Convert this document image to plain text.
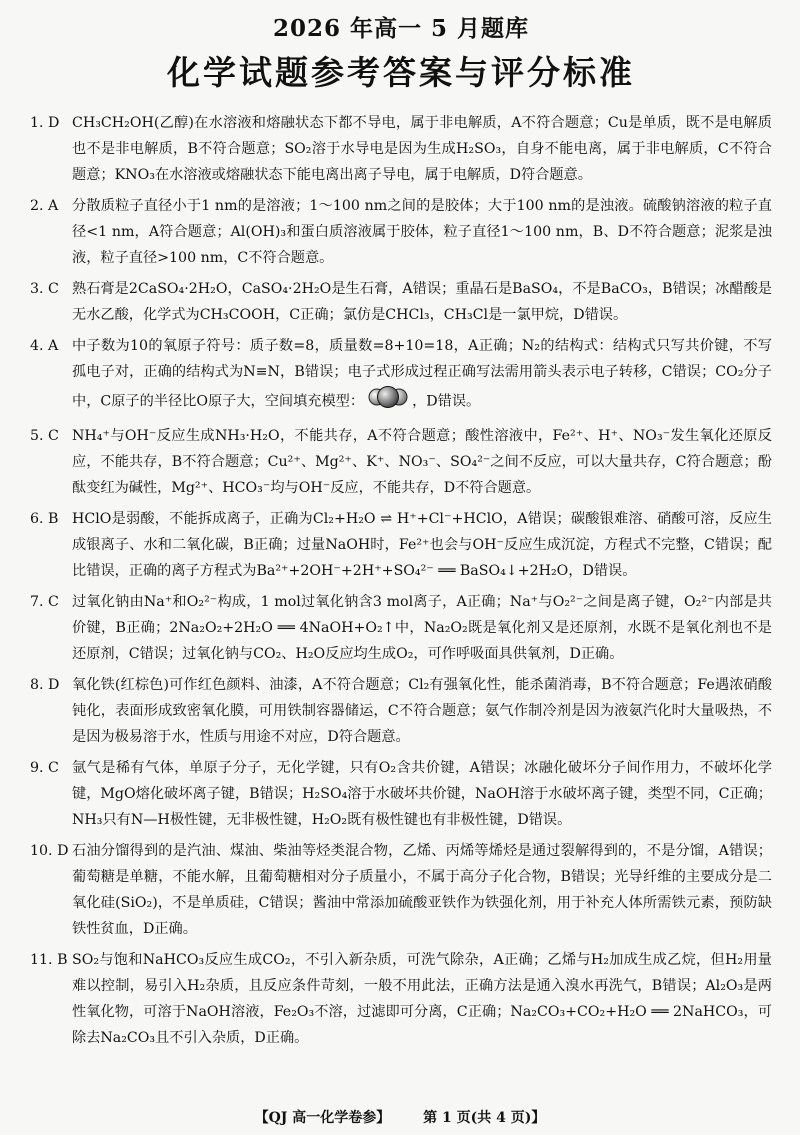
2026 年高一 5 月题库
化学试题参考答案与评分标准
1. D CH₃CH₂OH(乙醇)在水溶液和熔融状态下都不导电，属于非电解质，A不符合题意；Cu是单质，既不是电解质也不是非电解质，B不符合题意；SO₂溶于水导电是因为生成H₂SO₃，自身不能电离，属于非电解质，C不符合题意；KNO₃在水溶液或熔融状态下能电离出离子导电，属于电解质，D符合题意。
2. A 分散质粒子直径小于1 nm的是溶液；1～100 nm之间的是胶体；大于100 nm的是浊液。硫酸钠溶液的粒子直径<1 nm，A符合题意；Al(OH)₃和蛋白质溶液属于胶体，粒子直径1～100 nm，B、D不符合题意；泥浆是浊液，粒子直径>100 nm，C不符合题意。
3. C 熟石膏是2CaSO₄·2H₂O，CaSO₄·2H₂O是生石膏，A错误；重晶石是BaSO₄，不是BaCO₃，B错误；冰醋酸是无水乙酸，化学式为CH₃COOH，C正确；氯仿是CHCl₃，CH₃Cl是一氯甲烷，D错误。
4. A 中子数为10的氧原子符号：质子数=8，质量数=8+10=18，A正确；N₂的结构式：结构式只写共价键，不写孤电子对，正确的结构式为N≡N，B错误；电子式形成过程正确写法需用箭头表示电子转移，C错误；CO₂分子中，C原子的半径比O原子大，空间填充模型：	，D错误。
5. C NH₄⁺与OH⁻反应生成NH₃·H₂O，不能共存，A不符合题意；酸性溶液中，Fe²⁺、H⁺、NO₃⁻发生氧化还原反应，不能共存，B不符合题意；Cu²⁺、Mg²⁺、K⁺、NO₃⁻、SO₄²⁻之间不反应，可以大量共存，C符合题意；酚酞变红为碱性，Mg²⁺、HCO₃⁻均与OH⁻反应，不能共存，D不符合题意。
6. B HClO是弱酸，不能拆成离子，正确为Cl₂+H₂O ⇌ H⁺+Cl⁻+HClO，A错误；碳酸银难溶、硝酸可溶，反应生成银离子、水和二氧化碳，B正确；过量NaOH时，Fe²⁺也会与OH⁻反应生成沉淀，方程式不完整，C错误；配比错误，正确的离子方程式为Ba²⁺+2OH⁻+2H⁺+SO₄²⁻ ══ BaSO₄↓+2H₂O，D错误。
7. C 过氧化钠由Na⁺和O₂²⁻构成，1 mol过氧化钠含3 mol离子，A正确；Na⁺与O₂²⁻之间是离子键，O₂²⁻内部是共价键，B正确；2Na₂O₂+2H₂O ══ 4NaOH+O₂↑中，Na₂O₂既是氧化剂又是还原剂，水既不是氧化剂也不是还原剂，C错误；过氧化钠与CO₂、H₂O反应均生成O₂，可作呼吸面具供氧剂，D正确。
8. D 氧化铁(红棕色)可作红色颜料、油漆，A不符合题意；Cl₂有强氧化性，能杀菌消毒，B不符合题意；Fe遇浓硝酸钝化，表面形成致密氧化膜，可用铁制容器储运，C不符合题意；氨气作制冷剂是因为液氨汽化时大量吸热，不是因为极易溶于水，性质与用途不对应，D符合题意。
9. C 氩气是稀有气体，单原子分子，无化学键，只有O₂含共价键，A错误；冰融化破坏分子间作用力，不破坏化学键，MgO熔化破坏离子键，B错误；H₂SO₄溶于水破坏共价键，NaOH溶于水破坏离子键，类型不同，C正确；NH₃只有N—H极性键，无非极性键，H₂O₂既有极性键也有非极性键，D错误。
10. D 石油分馏得到的是汽油、煤油、柴油等烃类混合物，乙烯、丙烯等烯烃是通过裂解得到的，不是分馏，A错误；葡萄糖是单糖，不能水解，且葡萄糖相对分子质量小，不属于高分子化合物，B错误；光导纤维的主要成分是二氧化硅(SiO₂)，不是单质硅，C错误；酱油中常添加硫酸亚铁作为铁强化剂，用于补充人体所需铁元素，预防缺铁性贫血，D正确。
11. B SO₂与饱和NaHCO₃反应生成CO₂，不引入新杂质，可洗气除杂，A正确；乙烯与H₂加成生成乙烷，但H₂用量难以控制，易引入H₂杂质，且反应条件苛刻，一般不用此法，正确方法是通入溴水再洗气，B错误；Al₂O₃是两性氧化物，可溶于NaOH溶液，Fe₂O₃不溶，过滤即可分离，C正确；Na₂CO₃+CO₂+H₂O ══ 2NaHCO₃，可除去Na₂CO₃且不引入杂质，D正确。
【QJ 高一化学卷参】 第 1 页(共 4 页)】
